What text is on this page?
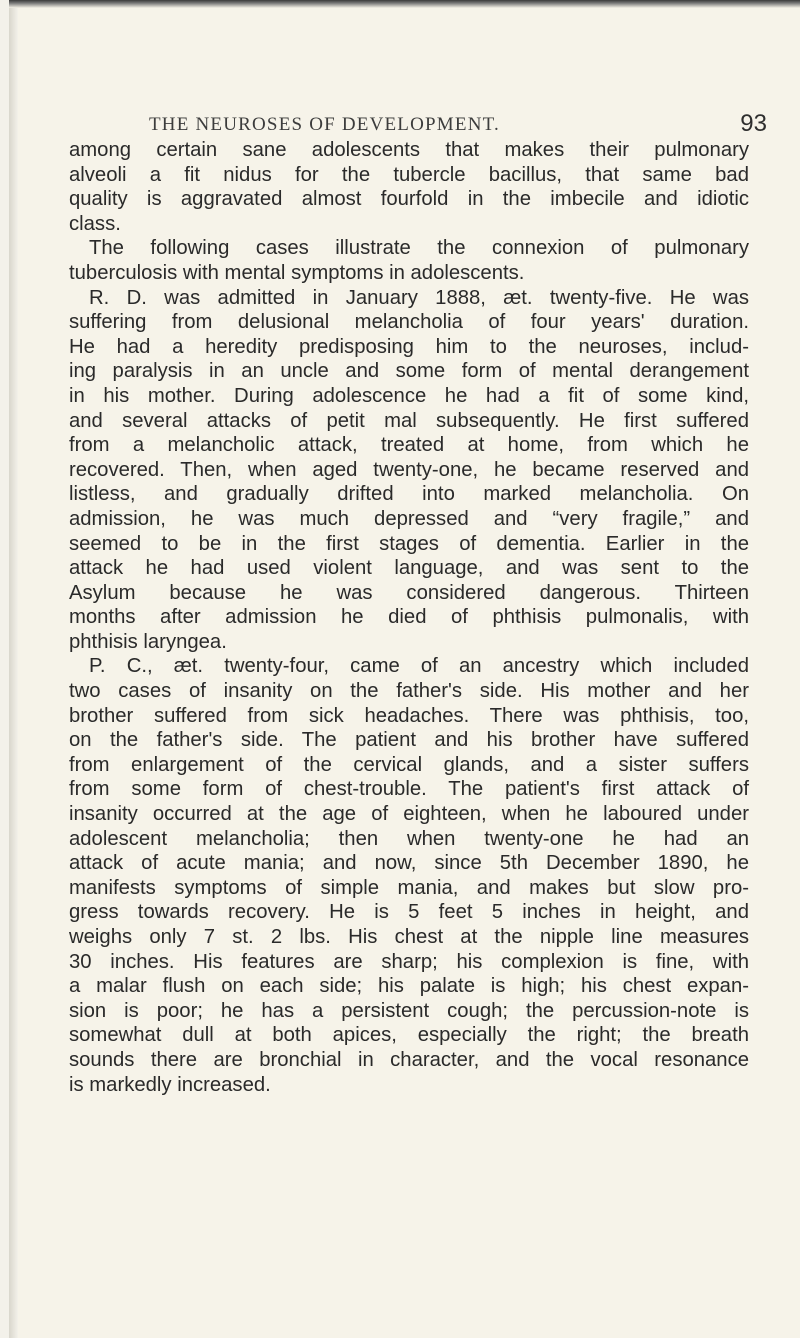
THE NEUROSES OF DEVELOPMENT.	93
among certain sane adolescents that makes their pulmonary
alveoli a fit nidus for the tubercle bacillus, that same bad
quality is aggravated almost fourfold in the imbecile and idiotic
class.
The following cases illustrate the connexion of pulmonary
tuberculosis with mental symptoms in adolescents.
R. D. was admitted in January 1888, æt. twenty-five. He was
suffering from delusional melancholia of four years' duration.
He had a heredity predisposing him to the neuroses, includ-
ing paralysis in an uncle and some form of mental derangement
in his mother. During adolescence he had a fit of some kind,
and several attacks of petit mal subsequently. He first suffered
from a melancholic attack, treated at home, from which he
recovered. Then, when aged twenty-one, he became reserved and
listless, and gradually drifted into marked melancholia. On
admission, he was much depressed and “very fragile,” and
seemed to be in the first stages of dementia. Earlier in the
attack he had used violent language, and was sent to the
Asylum because he was considered dangerous. Thirteen
months after admission he died of phthisis pulmonalis, with
phthisis laryngea.
P. C., æt. twenty-four, came of an ancestry which included
two cases of insanity on the father's side. His mother and her
brother suffered from sick headaches. There was phthisis, too,
on the father's side. The patient and his brother have suffered
from enlargement of the cervical glands, and a sister suffers
from some form of chest-trouble. The patient's first attack of
insanity occurred at the age of eighteen, when he laboured under
adolescent melancholia; then when twenty-one he had an
attack of acute mania; and now, since 5th December 1890, he
manifests symptoms of simple mania, and makes but slow pro-
gress towards recovery. He is 5 feet 5 inches in height, and
weighs only 7 st. 2 lbs. His chest at the nipple line measures
30 inches. His features are sharp; his complexion is fine, with
a malar flush on each side; his palate is high; his chest expan-
sion is poor; he has a persistent cough; the percussion-note is
somewhat dull at both apices, especially the right; the breath
sounds there are bronchial in character, and the vocal resonance
is markedly increased.
